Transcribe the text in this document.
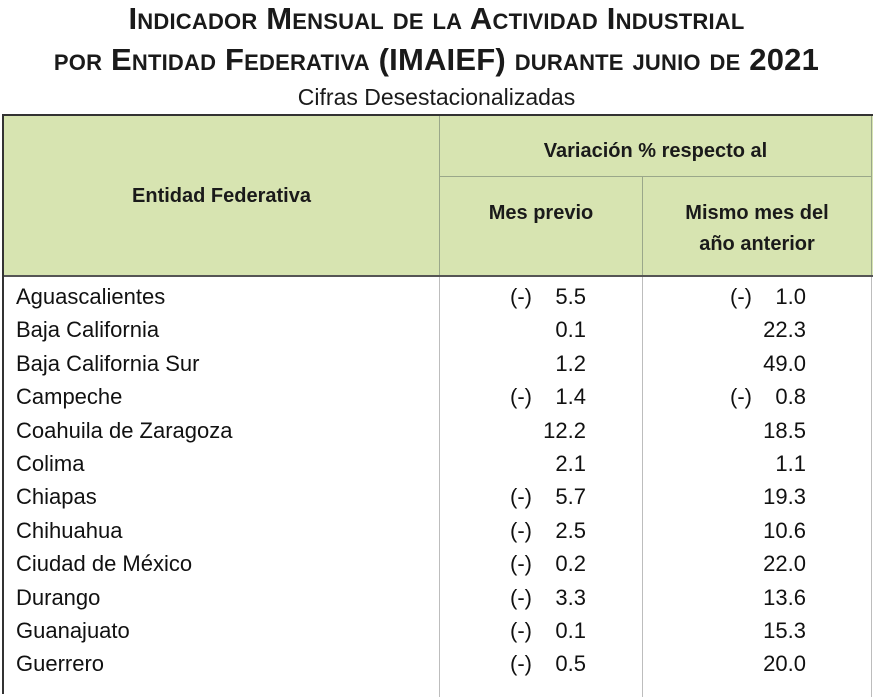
Indicador Mensual de la Actividad Industrial
por Entidad Federativa (IMAIEF) durante junio de 2021
Cifras Desestacionalizadas
Entidad Federativa
Variación % respecto al
Mes previo	Mismo mes del
año anterior
Aguascalientes	(-)	5.5	(-)	1.0
Baja California	0.1	22.3
Baja California Sur	1.2	49.0
Campeche	(-)	1.4	(-)	0.8
Coahuila de Zaragoza	12.2	18.5
Colima	2.1	1.1
Chiapas	(-)	5.7	19.3
Chihuahua	(-)	2.5	10.6
Ciudad de México	(-)	0.2	22.0
Durango	(-)	3.3	13.6
Guanajuato	(-)	0.1	15.3
Guerrero	(-)	0.5	20.0
